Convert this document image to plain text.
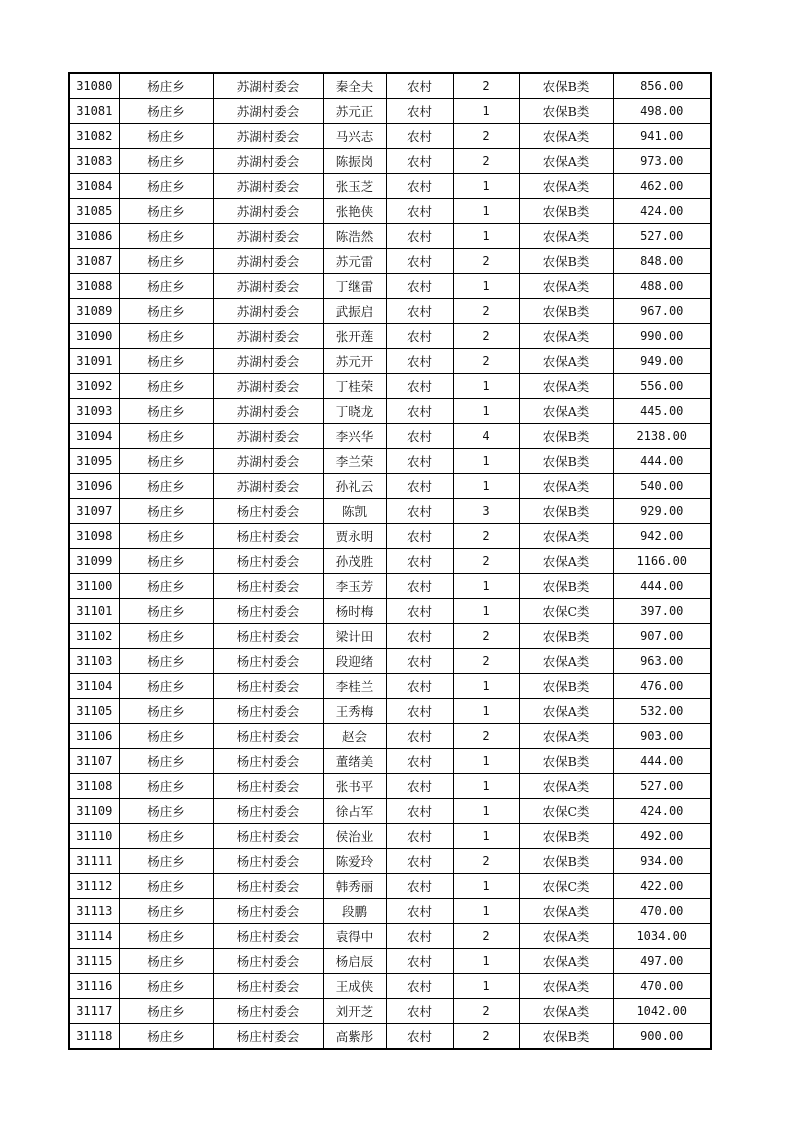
31080	杨庄乡	苏湖村委会	秦全夫	农村	2	农保B类	856.00
31081	杨庄乡	苏湖村委会	苏元正	农村	1	农保B类	498.00
31082	杨庄乡	苏湖村委会	马兴志	农村	2	农保A类	941.00
31083	杨庄乡	苏湖村委会	陈振岗	农村	2	农保A类	973.00
31084	杨庄乡	苏湖村委会	张玉芝	农村	1	农保A类	462.00
31085	杨庄乡	苏湖村委会	张艳侠	农村	1	农保B类	424.00
31086	杨庄乡	苏湖村委会	陈浩然	农村	1	农保A类	527.00
31087	杨庄乡	苏湖村委会	苏元雷	农村	2	农保B类	848.00
31088	杨庄乡	苏湖村委会	丁继雷	农村	1	农保A类	488.00
31089	杨庄乡	苏湖村委会	武振启	农村	2	农保B类	967.00
31090	杨庄乡	苏湖村委会	张开莲	农村	2	农保A类	990.00
31091	杨庄乡	苏湖村委会	苏元开	农村	2	农保A类	949.00
31092	杨庄乡	苏湖村委会	丁桂荣	农村	1	农保A类	556.00
31093	杨庄乡	苏湖村委会	丁晓龙	农村	1	农保A类	445.00
31094	杨庄乡	苏湖村委会	李兴华	农村	4	农保B类	2138.00
31095	杨庄乡	苏湖村委会	李兰荣	农村	1	农保B类	444.00
31096	杨庄乡	苏湖村委会	孙礼云	农村	1	农保A类	540.00
31097	杨庄乡	杨庄村委会	陈凯	农村	3	农保B类	929.00
31098	杨庄乡	杨庄村委会	贾永明	农村	2	农保A类	942.00
31099	杨庄乡	杨庄村委会	孙茂胜	农村	2	农保A类	1166.00
31100	杨庄乡	杨庄村委会	李玉芳	农村	1	农保B类	444.00
31101	杨庄乡	杨庄村委会	杨时梅	农村	1	农保C类	397.00
31102	杨庄乡	杨庄村委会	梁计田	农村	2	农保B类	907.00
31103	杨庄乡	杨庄村委会	段迎绪	农村	2	农保A类	963.00
31104	杨庄乡	杨庄村委会	李桂兰	农村	1	农保B类	476.00
31105	杨庄乡	杨庄村委会	王秀梅	农村	1	农保A类	532.00
31106	杨庄乡	杨庄村委会	赵会	农村	2	农保A类	903.00
31107	杨庄乡	杨庄村委会	董绪美	农村	1	农保B类	444.00
31108	杨庄乡	杨庄村委会	张书平	农村	1	农保A类	527.00
31109	杨庄乡	杨庄村委会	徐占军	农村	1	农保C类	424.00
31110	杨庄乡	杨庄村委会	侯治业	农村	1	农保B类	492.00
31111	杨庄乡	杨庄村委会	陈爱玲	农村	2	农保B类	934.00
31112	杨庄乡	杨庄村委会	韩秀丽	农村	1	农保C类	422.00
31113	杨庄乡	杨庄村委会	段鹏	农村	1	农保A类	470.00
31114	杨庄乡	杨庄村委会	袁得中	农村	2	农保A类	1034.00
31115	杨庄乡	杨庄村委会	杨启辰	农村	1	农保A类	497.00
31116	杨庄乡	杨庄村委会	王成侠	农村	1	农保A类	470.00
31117	杨庄乡	杨庄村委会	刘开芝	农村	2	农保A类	1042.00
31118	杨庄乡	杨庄村委会	高紫彤	农村	2	农保B类	900.00
